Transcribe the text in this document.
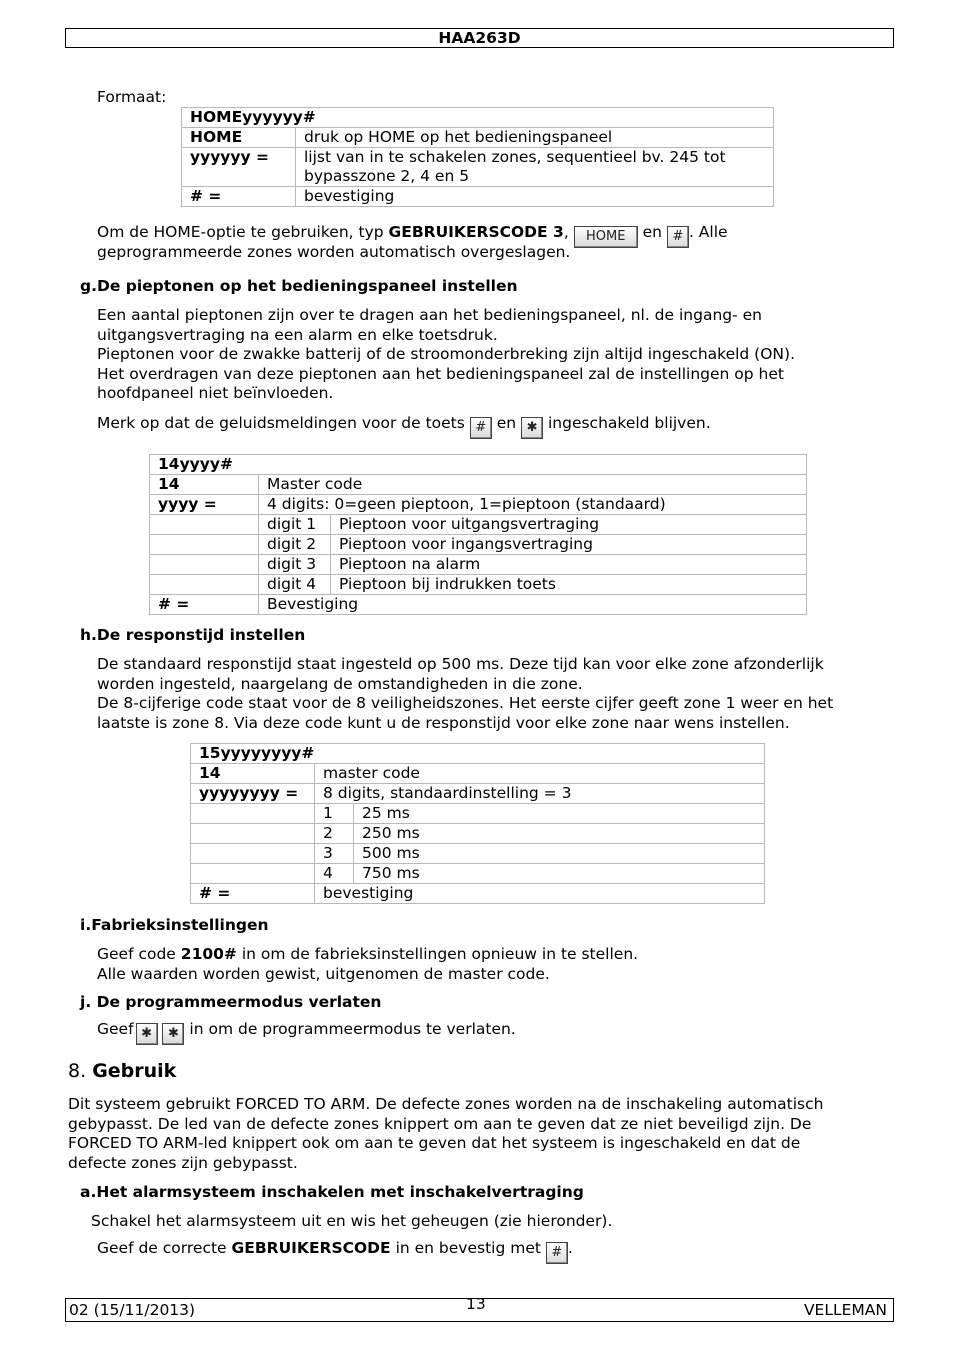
HAA263D

Formaat:

HOMEyyyyyy#	
HOME	druk op HOME op het bedieningspaneel
yyyyyy =	lijst van in te schakelen zones, sequentieel bv. 245 tot bypasszone 2, 4 en 5
# =	bevestiging

Om de HOME-optie te gebruiken, typ GEBRUIKERSCODE 3, HOME en # . Alle

geprogrammeerde zones worden automatisch overgeslagen.

g.De pieptonen op het bedieningspaneel instellen

Een aantal pieptonen zijn over te dragen aan het bedieningspaneel, nl. de ingang- en

uitgangsvertraging na een alarm en elke toetsdruk.

Pieptonen voor de zwakke batterij of de stroomonderbreking zijn altijd ingeschakeld (ON).

Het overdragen van deze pieptonen aan het bedieningspaneel zal de instellingen op het

hoofdpaneel niet beïnvloeden.

Merk op dat de geluidsmeldingen voor de toets # en ✱ ingeschakeld blijven.

14yyyy#		
14	Master code	
yyyy =	4 digits: 0=geen pieptoon, 1=pieptoon (standaard)	
	digit 1	Pieptoon voor uitgangsvertraging
	digit 2	Pieptoon voor ingangsvertraging
	digit 3	Pieptoon na alarm
	digit 4	Pieptoon bij indrukken toets
# =	Bevestiging	

h.De responstijd instellen

De standaard responstijd staat ingesteld op 500 ms. Deze tijd kan voor elke zone afzonderlijk

worden ingesteld, naargelang de omstandigheden in die zone.

De 8-cijferige code staat voor de 8 veiligheidszones. Het eerste cijfer geeft zone 1 weer en het

laatste is zone 8. Via deze code kunt u de responstijd voor elke zone naar wens instellen.

15yyyyyyyy#		
14	master code	
yyyyyyyy =	8 digits, standaardinstelling = 3	
	1	25 ms
	2	250 ms
	3	500 ms
	4	750 ms
# =	bevestiging	

i.Fabrieksinstellingen

Geef code 2100# in om de fabrieksinstellingen opnieuw in te stellen.

Alle waarden worden gewist, uitgenomen de master code.

j. De programmeermodus verlaten

Geef ✱ ✱ in om de programmeermodus te verlaten.

8. Gebruik

Dit systeem gebruikt FORCED TO ARM. De defecte zones worden na de inschakeling automatisch

gebypasst. De led van de defecte zones knippert om aan te geven dat ze niet beveiligd zijn. De

FORCED TO ARM-led knippert ook om aan te geven dat het systeem is ingeschakeld en dat de

defecte zones zijn gebypasst.

a.Het alarmsysteem inschakelen met inschakelvertraging

Schakel het alarmsysteem uit en wis het geheugen (zie hieronder).

Geef de correcte GEBRUIKERSCODE in en bevestig met # .

02 (15/11/2013)	13	VELLEMAN
